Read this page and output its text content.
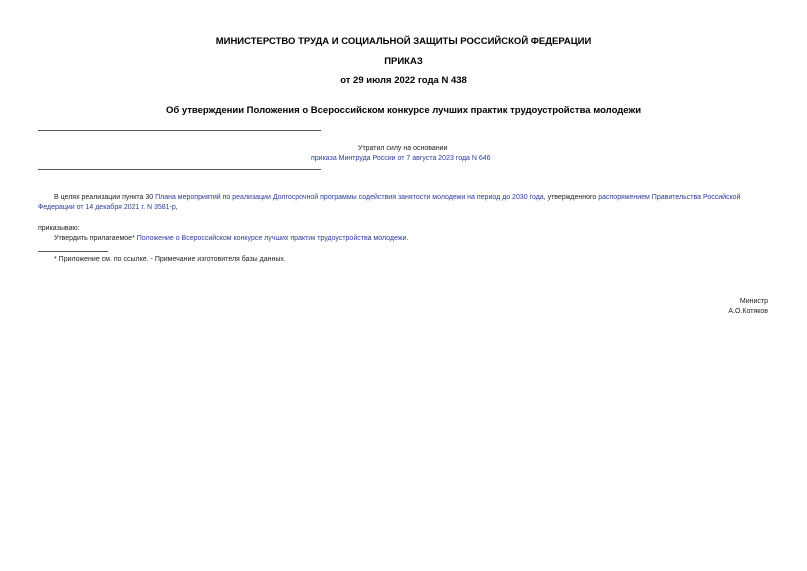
МИНИСТЕРСТВО ТРУДА И СОЦИАЛЬНОЙ ЗАЩИТЫ РОССИЙСКОЙ ФЕДЕРАЦИИ
ПРИКАЗ
от 29 июля 2022 года N 438
Об утверждении Положения о Всероссийском конкурсе лучших практик трудоустройства молодежи
Утратил силу на основании
приказа Минтруда России от 7 августа 2023 года N 646
В целях реализации пункта 30 Плана мероприятий по реализации Долгосрочной программы содействия занятости молодежи на период до 2030 года, утвержденного распоряжением Правительства Российской
Федерации от 14 декабря 2021 г. N 3581-р,
приказываю:
Утвердить прилагаемое* Положение о Всероссийском конкурсе лучших практик трудоустройства молодежи.
* Приложение см. по ссылке. - Примечание изготовителя базы данных.
Министр
А.О.Котяков
